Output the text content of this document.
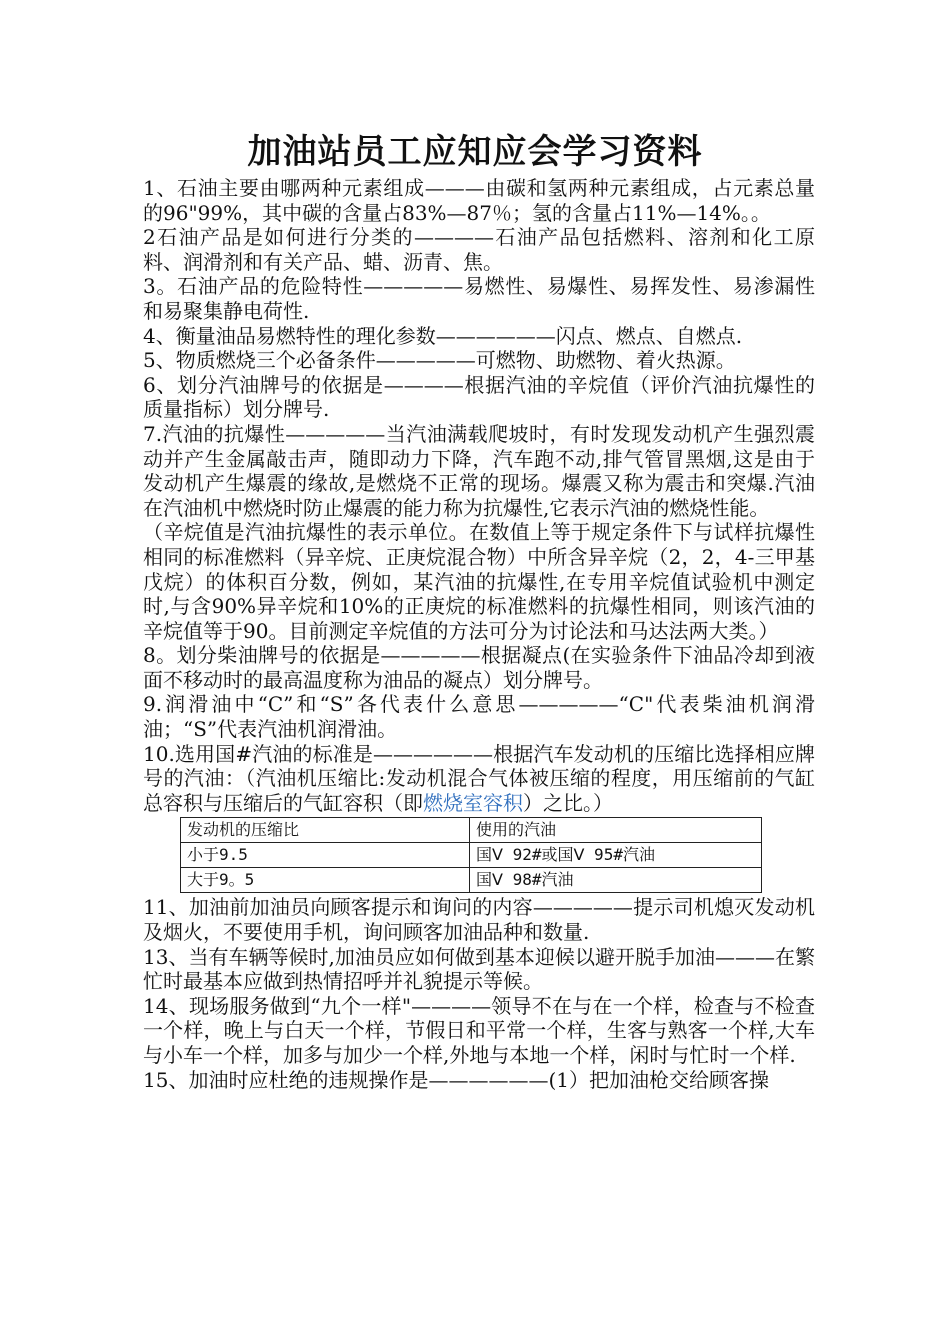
加油站员工应知应会学习资料

1、石油主要由哪两种元素组成———由碳和氢两种元素组成，占元素总量的96"99%，其中碳的含量占83%—87％；氢的含量占11%—14%。。

2石油产品是如何进行分类的————石油产品包括燃料、溶剂和化工原料、润滑剂和有关产品、蜡、沥青、焦。

3。石油产品的危险特性—————易燃性、易爆性、易挥发性、易渗漏性和易聚集静电荷性.

4、衡量油品易燃特性的理化参数——————闪点、燃点、自燃点.

5、物质燃烧三个必备条件—————可燃物、助燃物、着火热源。

6、划分汽油牌号的依据是————根据汽油的辛烷值（评价汽油抗爆性的质量指标）划分牌号.

7.汽油的抗爆性—————当汽油满载爬坡时，有时发现发动机产生强烈震动并产生金属敲击声，随即动力下降，汽车跑不动,排气管冒黑烟,这是由于发动机产生爆震的缘故,是燃烧不正常的现场。爆震又称为震击和突爆.汽油在汽油机中燃烧时防止爆震的能力称为抗爆性,它表示汽油的燃烧性能。

（辛烷值是汽油抗爆性的表示单位。在数值上等于规定条件下与试样抗爆性相同的标准燃料（异辛烷、正庚烷混合物）中所含异辛烷（2，2，4-三甲基戊烷）的体积百分数，例如，某汽油的抗爆性,在专用辛烷值试验机中测定时,与含90%异辛烷和10%的正庚烷的标准燃料的抗爆性相同，则该汽油的辛烷值等于90。目前测定辛烷值的方法可分为讨论法和马达法两大类。）

8。划分柴油牌号的依据是—————根据凝点(在实验条件下油品冷却到液面不移动时的最高温度称为油品的凝点）划分牌号。

9.润滑油中“C”和“S”各代表什么意思—————“C"代表柴油机润滑油；“S”代表汽油机润滑油。

10.选用国#汽油的标准是——————根据汽车发动机的压缩比选择相应牌号的汽油：（汽油机压缩比:发动机混合气体被压缩的程度，用压缩前的气缸总容积与压缩后的气缸容积（即燃烧室容积）之比。）

发动机的压缩比	使用的汽油
小于9.5	国Ⅴ 92#或国Ⅴ 95#汽油
大于9。5	国Ⅴ 98#汽油

11、加油前加油员向顾客提示和询问的内容—————提示司机熄灭发动机及烟火，不要使用手机，询问顾客加油品种和数量.

13、当有车辆等候时,加油员应如何做到基本迎候以避开脱手加油———在繁忙时最基本应做到热情招呼并礼貌提示等候。

14、现场服务做到“九个一样"————领导不在与在一个样，检查与不检查一个样，晚上与白天一个样，节假日和平常一个样，生客与熟客一个样,大车与小车一个样，加多与加少一个样,外地与本地一个样，闲时与忙时一个样.

15、加油时应杜绝的违规操作是——————(1）把加油枪交给顾客操
